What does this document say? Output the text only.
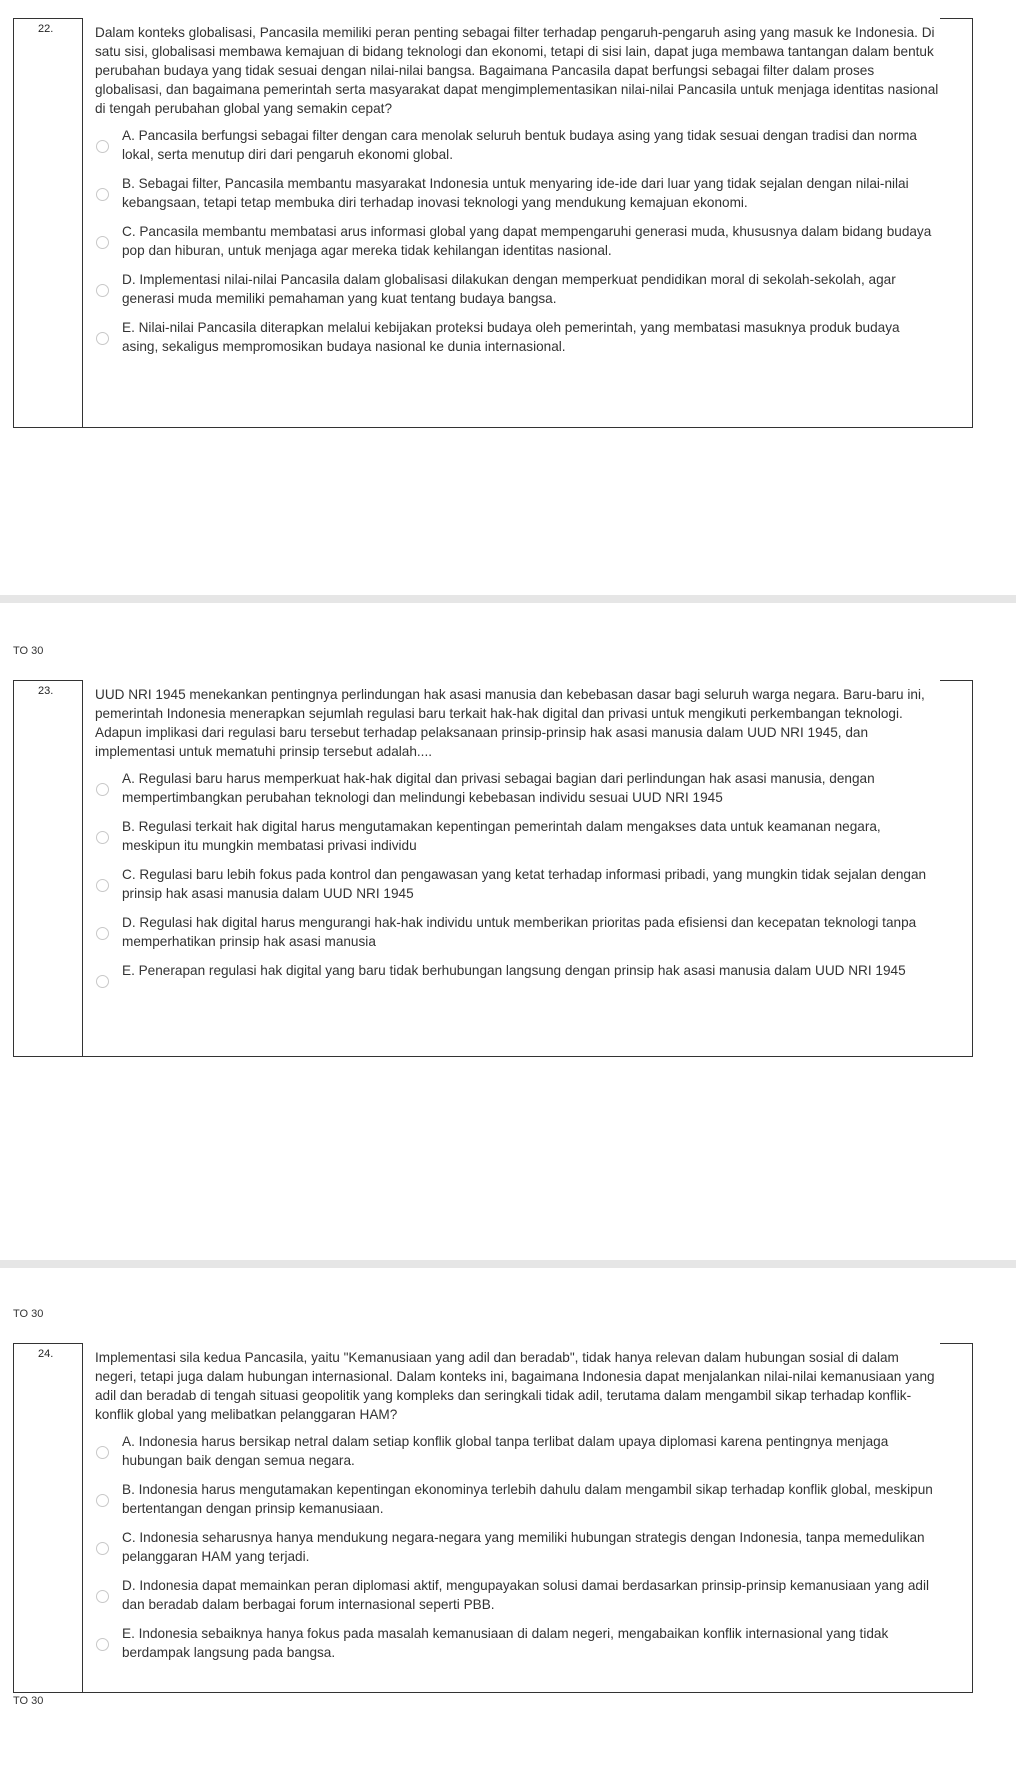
22.	Dalam konteks globalisasi, Pancasila memiliki peran penting sebagai filter terhadap pengaruh-pengaruh asing yang masuk ke Indonesia. Di satu sisi, globalisasi membawa kemajuan di bidang teknologi dan ekonomi, tetapi di sisi lain, dapat juga membawa tantangan dalam bentuk perubahan budaya yang tidak sesuai dengan nilai-nilai bangsa. Bagaimana Pancasila dapat berfungsi sebagai filter dalam proses globalisasi, dan bagaimana pemerintah serta masyarakat dapat mengimplementasikan nilai-nilai Pancasila untuk menjaga identitas nasional di tengah perubahan global yang semakin cepat?

A. Pancasila berfungsi sebagai filter dengan cara menolak seluruh bentuk budaya asing yang tidak sesuai dengan tradisi dan norma lokal, serta menutup diri dari pengaruh ekonomi global.
B. Sebagai filter, Pancasila membantu masyarakat Indonesia untuk menyaring ide-ide dari luar yang tidak sejalan dengan nilai-nilai kebangsaan, tetapi tetap membuka diri terhadap inovasi teknologi yang mendukung kemajuan ekonomi.
C. Pancasila membantu membatasi arus informasi global yang dapat mempengaruhi generasi muda, khususnya dalam bidang budaya pop dan hiburan, untuk menjaga agar mereka tidak kehilangan identitas nasional.
D. Implementasi nilai-nilai Pancasila dalam globalisasi dilakukan dengan memperkuat pendidikan moral di sekolah-sekolah, agar generasi muda memiliki pemahaman yang kuat tentang budaya bangsa.
E. Nilai-nilai Pancasila diterapkan melalui kebijakan proteksi budaya oleh pemerintah, yang membatasi masuknya produk budaya asing, sekaligus mempromosikan budaya nasional ke dunia internasional.
TO 30
23.	UUD NRI 1945 menekankan pentingnya perlindungan hak asasi manusia dan kebebasan dasar bagi seluruh warga negara. Baru-baru ini, pemerintah Indonesia menerapkan sejumlah regulasi baru terkait hak-hak digital dan privasi untuk mengikuti perkembangan teknologi. Adapun implikasi dari regulasi baru tersebut terhadap pelaksanaan prinsip-prinsip hak asasi manusia dalam UUD NRI 1945, dan implementasi untuk mematuhi prinsip tersebut adalah....

A. Regulasi baru harus memperkuat hak-hak digital dan privasi sebagai bagian dari perlindungan hak asasi manusia, dengan mempertimbangkan perubahan teknologi dan melindungi kebebasan individu sesuai UUD NRI 1945
B. Regulasi terkait hak digital harus mengutamakan kepentingan pemerintah dalam mengakses data untuk keamanan negara, meskipun itu mungkin membatasi privasi individu
C. Regulasi baru lebih fokus pada kontrol dan pengawasan yang ketat terhadap informasi pribadi, yang mungkin tidak sejalan dengan prinsip hak asasi manusia dalam UUD NRI 1945
D. Regulasi hak digital harus mengurangi hak-hak individu untuk memberikan prioritas pada efisiensi dan kecepatan teknologi tanpa memperhatikan prinsip hak asasi manusia
E. Penerapan regulasi hak digital yang baru tidak berhubungan langsung dengan prinsip hak asasi manusia dalam UUD NRI 1945
TO 30
24.	Implementasi sila kedua Pancasila, yaitu "Kemanusiaan yang adil dan beradab", tidak hanya relevan dalam hubungan sosial di dalam negeri, tetapi juga dalam hubungan internasional. Dalam konteks ini, bagaimana Indonesia dapat menjalankan nilai-nilai kemanusiaan yang adil dan beradab di tengah situasi geopolitik yang kompleks dan seringkali tidak adil, terutama dalam mengambil sikap terhadap konflik-konflik global yang melibatkan pelanggaran HAM?

A. Indonesia harus bersikap netral dalam setiap konflik global tanpa terlibat dalam upaya diplomasi karena pentingnya menjaga hubungan baik dengan semua negara.
B. Indonesia harus mengutamakan kepentingan ekonominya terlebih dahulu dalam mengambil sikap terhadap konflik global, meskipun bertentangan dengan prinsip kemanusiaan.
C. Indonesia seharusnya hanya mendukung negara-negara yang memiliki hubungan strategis dengan Indonesia, tanpa memedulikan pelanggaran HAM yang terjadi.
D. Indonesia dapat memainkan peran diplomasi aktif, mengupayakan solusi damai berdasarkan prinsip-prinsip kemanusiaan yang adil dan beradab dalam berbagai forum internasional seperti PBB.
E. Indonesia sebaiknya hanya fokus pada masalah kemanusiaan di dalam negeri, mengabaikan konflik internasional yang tidak berdampak langsung pada bangsa.
TO 30
